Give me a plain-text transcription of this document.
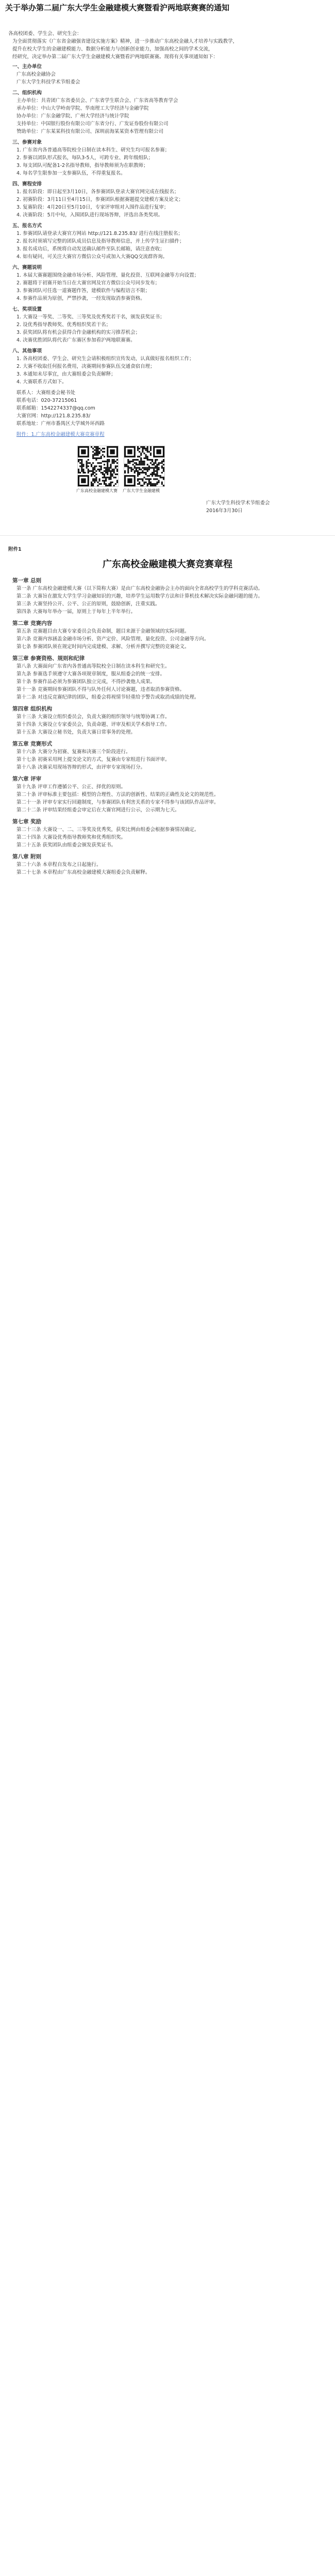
关于举办第二届广东大学生金融建模大赛暨看沪两地联赛赛的通知
各高校团委、学生会、研究生会：
为全面贯彻落实《广东省金融强省建设实施方案》精神，进一步推动广东高校金融人才培养与实践教学，
提升在校大学生的金融建模能力、数据分析能力与创新创业能力，加强高校之间的学术交流，
经研究，决定举办第二届广东大学生金融建模大赛暨看沪两地联赛赛。现将有关事项通知如下：
一、主办单位
广东高校金融协会
广东大学生科技学术节组委会
二、组织机构
主办单位：共青团广东省委员会、广东省学生联合会、广东省高等教育学会
承办单位：中山大学岭南学院、华南理工大学经济与金融学院
协办单位：广东金融学院、广州大学经济与统计学院
支持单位：中国银行股份有限公司广东省分行、广发证券股份有限公司
赞助单位：广东某某科技有限公司、深圳前海某某资本管理有限公司
三、参赛对象
1. 广东省内各普通高等院校全日制在读本科生、研究生均可报名参赛；
2. 参赛以团队形式报名，每队3-5人，可跨专业、跨年级组队；
3. 每支团队可配备1-2名指导教师，指导教师须为在职教师；
4. 每名学生限参加一支参赛队伍，不得重复报名。
四、赛程安排
1. 报名阶段：即日起至3月10日，各参赛团队登录大赛官网完成在线报名；
2. 初赛阶段：3月11日至4月15日，参赛团队根据赛题提交建模方案及论文；
3. 复赛阶段：4月20日至5月10日，专家评审组对入围作品进行复审；
4. 决赛阶段：5月中旬，入围团队进行现场答辩，评选出各类奖项。
五、报名方式
1. 参赛团队请登录大赛官方网站 http://121.8.235.83/ 进行在线注册报名；
2. 报名时须填写完整的团队成员信息及指导教师信息，并上传学生证扫描件；
3. 报名成功后，系统将自动发送确认邮件至队长邮箱，请注意查收；
4. 如有疑问，可关注大赛官方微信公众号或加入大赛QQ交流群咨询。
六、赛题说明
1. 本届大赛赛题围绕金融市场分析、风险管理、量化投资、互联网金融等方向设置；
2. 赛题将于初赛开始当日在大赛官网及官方微信公众号同步发布；
3. 参赛团队可任选一道赛题作答，建模软件与编程语言不限；
4. 参赛作品须为原创，严禁抄袭，一经发现取消参赛资格。
七、奖项设置
1. 大赛设一等奖、二等奖、三等奖及优秀奖若干名，颁发获奖证书；
2. 设优秀指导教师奖、优秀组织奖若干名；
3. 获奖团队将有机会获得合作金融机构的实习推荐机会；
4. 决赛优胜团队将代表广东赛区参加看沪两地联赛赛。
八、其他事项
1. 各高校团委、学生会、研究生会请积极组织宣传发动，认真做好报名组织工作；
2. 大赛不收取任何报名费用，决赛期间参赛队伍交通食宿自理；
3. 本通知未尽事宜，由大赛组委会负责解释；
4. 大赛联系方式如下。
联系人：大赛组委会秘书处
联系电话：020-37215061
联系邮箱：1542274337@qq.com
大赛官网：http://121.8.235.83/
联系地址：广州市番禺区大学城外环西路
附件：1.广东高校金融建模大赛竞赛章程
广东高校金融建模大赛 广东大学生金融建模
广东大学生科技学术节组委会
2016年3月30日
附件1
广东高校金融建模大赛竞赛章程
第一章 总则
第一条 广东高校金融建模大赛（以下简称大赛）是由广东高校金融协会主办的面向全省高校学生的学科竞赛活动。
第二条 大赛旨在激发大学生学习金融知识的兴趣，培养学生运用数学方法和计算机技术解决实际金融问题的能力。
第三条 大赛坚持公开、公平、公正的原则，鼓励创新，注重实践。
第四条 大赛每年举办一届，原则上于每年上半年举行。
第二章 竞赛内容
第五条 竞赛题目由大赛专家委员会负责命制，题目来源于金融领域的实际问题。
第六条 竞赛内容涵盖金融市场分析、资产定价、风险管理、量化投资、公司金融等方向。
第七条 参赛团队须在规定时间内完成建模、求解、分析并撰写完整的竞赛论文。
第三章 参赛资格、规则和纪律
第八条 大赛面向广东省内各普通高等院校全日制在读本科生和研究生。
第九条 参赛选手须遵守大赛各项规章制度，服从组委会的统一安排。
第十条 参赛作品必须为参赛团队独立完成，不得抄袭他人成果。
第十一条 竞赛期间参赛团队不得与队外任何人讨论赛题，违者取消参赛资格。
第十二条 对违反竞赛纪律的团队，组委会将视情节轻重给予警告或取消成绩的处理。
第四章 组织机构
第十三条 大赛设立组织委员会，负责大赛的组织领导与统筹协调工作。
第十四条 大赛设立专家委员会，负责命题、评审及相关学术指导工作。
第十五条 大赛设立秘书处，负责大赛日常事务的处理。
第五章 竞赛形式
第十六条 大赛分为初赛、复赛和决赛三个阶段进行。
第十七条 初赛采用网上提交论文的方式，复赛由专家组进行书面评审。
第十八条 决赛采用现场答辩的形式，由评审专家现场打分。
第六章 评审
第十九条 评审工作遵循公平、公正、择优的原则。
第二十条 评审标准主要包括：模型的合理性、方法的创新性、结果的正确性及论文的规范性。
第二十一条 评审专家实行回避制度，与参赛团队有利害关系的专家不得参与该团队作品评审。
第二十二条 评审结果经组委会审定后在大赛官网进行公示，公示期为七天。
第七章 奖励
第二十三条 大赛设一、二、三等奖及优秀奖，获奖比例由组委会根据参赛情况确定。
第二十四条 大赛设优秀指导教师奖和优秀组织奖。
第二十五条 获奖团队由组委会颁发获奖证书。
第八章 附则
第二十六条 本章程自发布之日起施行。
第二十七条 本章程由广东高校金融建模大赛组委会负责解释。
